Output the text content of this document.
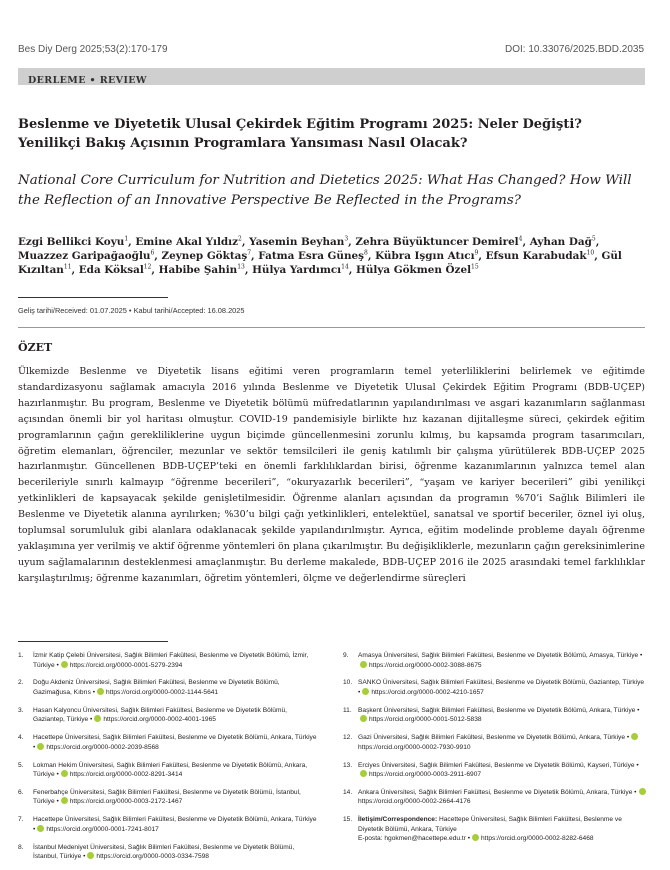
Bes Diy Derg 2025;53(2):170-179	DOI: 10.33076/2025.BDD.2035
DERLEME • REVIEW
Beslenme ve Diyetetik Ulusal Çekirdek Eğitim Programı 2025: Neler Değişti? Yenilikçi Bakış Açısının Programlara Yansıması Nasıl Olacak?
National Core Curriculum for Nutrition and Dietetics 2025: What Has Changed? How Will the Reflection of an Innovative Perspective Be Reflected in the Programs?
Ezgi Bellikci Koyu$^1$, Emine Akal Yıldız$^2$, Yasemin Beyhan$^3$, Zehra Büyüktuncer Demirel$^4$, Ayhan Dağ$^5$, Muazzez Garipağaoğlu$^6$, Zeynep Göktaş$^7$, Fatma Esra Güneş$^8$, Kübra Işgın Atıcı$^9$, Efsun Karabudak$^{10}$, Gül Kızıltan$^{11}$, Eda Köksal$^{12}$, Habibe Şahin$^{13}$, Hülya Yardımcı$^{14}$, Hülya Gökmen Özel$^{15}$
Geliş tarihi/Received: 01.07.2025 • Kabul tarihi/Accepted: 16.08.2025
ÖZET
Ülkemizde Beslenme ve Diyetetik lisans eğitimi veren programların temel yeterliliklerini belirlemek ve eğitimde standardizasyonu sağlamak amacıyla 2016 yılında Beslenme ve Diyetetik Ulusal Çekirdek Eğitim Programı (BDB-UÇEP) hazırlanmıştır. Bu program, Beslenme ve Diyetetik bölümü müfredatlarının yapılandırılması ve asgari kazanımların sağlanması açısından önemli bir yol haritası olmuştur. COVID-19 pandemisiyle birlikte hız kazanan dijitalleşme süreci, çekirdek eğitim programlarının çağın gerekliliklerine uygun biçimde güncellenmesini zorunlu kılmış, bu kapsamda program tasarımcıları, öğretim elemanları, öğrenciler, mezunlar ve sektör temsilcileri ile geniş katılımlı bir çalışma yürütülerek BDB-UÇEP 2025 hazırlanmıştır. Güncellenen BDB-UÇEP’teki en önemli farklılıklardan birisi, öğrenme kazanımlarının yalnızca temel alan becerileriyle sınırlı kalmayıp “öğrenme becerileri”, “okuryazarlık becerileri”, “yaşam ve kariyer becerileri” gibi yenilikçi yetkinlikleri de kapsayacak şekilde genişletilmesidir. Öğrenme alanları açısından da programın %70’i Sağlık Bilimleri ile Beslenme ve Diyetetik alanına ayrılırken; %30’u bilgi çağı yetkinlikleri, entelektüel, sanatsal ve sportif beceriler, öznel iyi oluş, toplumsal sorumluluk gibi alanlara odaklanacak şekilde yapılandırılmıştır. Ayrıca, eğitim modelinde probleme dayalı öğrenme yaklaşımına yer verilmiş ve aktif öğrenme yöntemleri ön plana çıkarılmıştır. Bu değişikliklerle, mezunların çağın gereksinimlerine uyum sağlamalarının desteklenmesi amaçlanmıştır. Bu derleme makalede, BDB-UÇEP 2016 ile 2025 arasındaki temel farklılıklar karşılaştırılmış; öğrenme kazanımları, öğretim yöntemleri, ölçme ve değerlendirme süreçleri
1. İzmir Katip Çelebi Üniversitesi, Sağlık Bilimleri Fakültesi, Beslenme ve Diyetetik Bölümü, İzmir, Türkiye • https://orcid.org/0000-0001-5279-2394
2. Doğu Akdeniz Üniversitesi, Sağlık Bilimleri Fakültesi, Beslenme ve Diyetetik Bölümü, Gazimağusa, Kıbrıs • https://orcid.org/0000-0002-1144-5641
3. Hasan Kalyoncu Üniversitesi, Sağlık Bilimleri Fakültesi, Beslenme ve Diyetetik Bölümü, Gaziantep, Türkiye • https://orcid.org/0000-0002-4001-1965
4. Hacettepe Üniversitesi, Sağlık Bilimleri Fakültesi, Beslenme ve Diyetetik Bölümü, Ankara, Türkiye • https://orcid.org/0000-0002-2039-8568
5. Lokman Hekim Üniversitesi, Sağlık Bilimleri Fakültesi, Beslenme ve Diyetetik Bölümü, Ankara, Türkiye • https://orcid.org/0000-0002-8291-3414
6. Fenerbahçe Üniversitesi, Sağlık Bilimleri Fakültesi, Beslenme ve Diyetetik Bölümü, İstanbul, Türkiye • https://orcid.org/0000-0003-2172-1467
7. Hacettepe Üniversitesi, Sağlık Bilimleri Fakültesi, Beslenme ve Diyetetik Bölümü, Ankara, Türkiye • https://orcid.org/0000-0001-7241-8017
8. İstanbul Medeniyet Üniversitesi, Sağlık Bilimleri Fakültesi, Beslenme ve Diyetetik Bölümü, İstanbul, Türkiye • https://orcid.org/0000-0003-0334-7598
9. Amasya Üniversitesi, Sağlık Bilimleri Fakültesi, Beslenme ve Diyetetik Bölümü, Amasya, Türkiye •https://orcid.org/0000-0002-3088-8675
10. SANKO Üniversitesi, Sağlık Bilimleri Fakültesi, Beslenme ve Diyetetik Bölümü, Gaziantep, Türkiye • https://orcid.org/0000-0002-4210-1657
11. Başkent Üniversitesi, Sağlık Bilimleri Fakültesi, Beslenme ve Diyetetik Bölümü, Ankara, Türkiye •https://orcid.org/0000-0001-5012-5838
12. Gazi Üniversitesi, Sağlık Bilimleri Fakültesi, Beslenme ve Diyetetik Bölümü, Ankara, Türkiye •https://orcid.org/0000-0002-7930-9910
13. Erciyes Üniversitesi, Sağlık Bilimleri Fakültesi, Beslenme ve Diyetetik Bölümü, Kayseri, Türkiye •https://orcid.org/0000-0003-2911-6907
14. Ankara Üniversitesi, Sağlık Bilimleri Fakültesi, Beslenme ve Diyetetik Bölümü, Ankara, Türkiye •https://orcid.org/0000-0002-2664-4176
15. İletişim/Correspondence: Hacettepe Üniversitesi, Sağlık Bilimleri Fakültesi, Beslenme ve Diyetetik Bölümü, Ankara, Türkiye
E-posta: hgokmen@hacettepe.edu.tr • https://orcid.org/0000-0002-8282-6468
